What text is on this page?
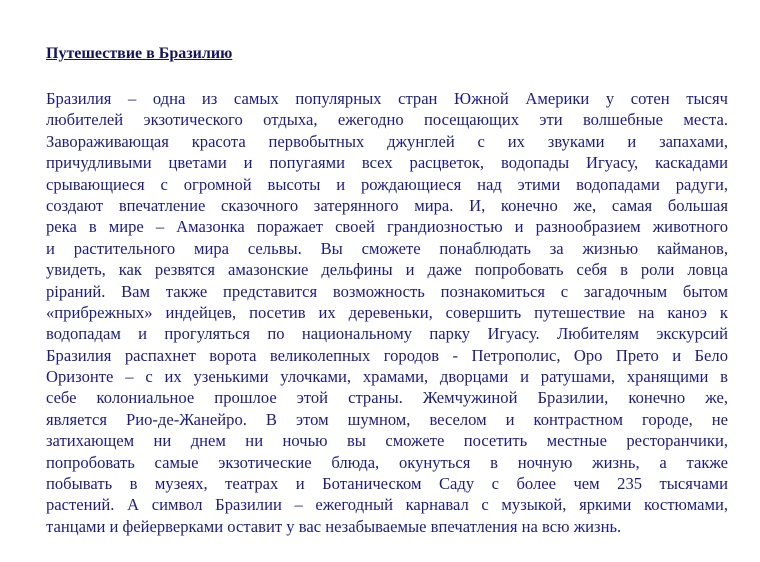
Путешествие в Бразилию
Бразилия – одна из самых популярных стран Южной Америки у сотен тысяч
любителей экзотического отдыха, ежегодно посещающих эти волшебные места.
Завораживающая красота первобытных джунглей с их звуками и запахами,
причудливыми цветами и попугаями всех расцветок, водопады Игуасу, каскадами
срывающиеся с огромной высоты и рождающиеся над этими водопадами радуги,
создают впечатление сказочного затерянного мира. И, конечно же, самая большая
река в мире – Амазонка поражает своей грандиозностью и разнообразием животного
и растительного мира сельвы. Вы сможете понаблюдать за жизнью кайманов,
увидеть, как резвятся амазонские дельфины и даже попробовать себя в роли ловца
piраний. Вам также представится возможность познакомиться с загадочным бытом
«прибрежных» индейцев, посетив их деревеньки, совершить путешествие на каноэ к
водопадам и прогуляться по национальному парку Игуасу. Любителям экскурсий
Бразилия распахнет ворота великолепных городов - Петрополис, Оро Прето и Бело
Оризонте – с их узенькими улочками, храмами, дворцами и ратушами, хранящими в
себе колониальное прошлое этой страны. Жемчужиной Бразилии, конечно же,
является Рио-де-Жанейро. В этом шумном, веселом и контрастном городе, не
затихающем ни днем ни ночью вы сможете посетить местные ресторанчики,
попробовать самые экзотические блюда, окунуться в ночную жизнь, а также
побывать в музеях, театрах и Ботаническом Саду с более чем 235 тысячами
растений. А символ Бразилии – ежегодный карнавал с музыкой, яркими костюмами,
танцами и фейерверками оставит у вас незабываемые впечатления на всю жизнь.
